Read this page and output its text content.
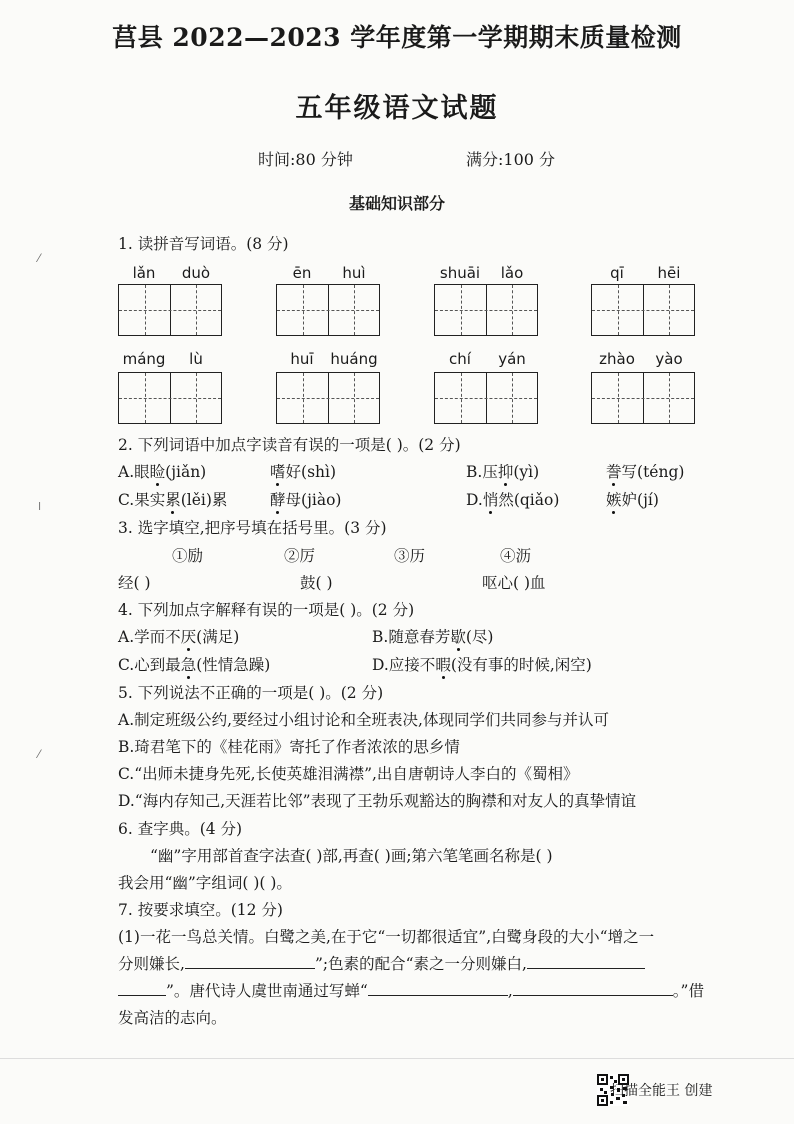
莒县 2022—2023 学年度第一学期期末质量检测
五年级语文试题
时间:80 分钟	满分:100 分
基础知识部分
⁄
ǀ
⁄
1. 读拼音写词语。(8 分)
lǎn	duò	ēn	huì	shuāi	lǎo	qī	hēi
máng	lù	huī	huáng	chí	yán	zhào	yào
2. 下列词语中加点字读音有误的一项是( )。(2 分)
A.眼睑(jiǎn)	嗜好(shì)	B.压抑(yì)	誊写(téng)
C.果实累(lěi)累	酵母(jiào)	D.悄然(qiǎo)	嫉妒(jí)
3. 选字填空,把序号填在括号里。(3 分)
①励	②厉	③历	④沥
经( )	鼓( )	呕心( )血
4. 下列加点字解释有误的一项是( )。(2 分)
A.学而不厌(满足)	B.随意春芳歇(尽)
C.心到最急(性情急躁)	D.应接不暇(没有事的时候,闲空)
5. 下列说法不正确的一项是( )。(2 分)
A.制定班级公约,要经过小组讨论和全班表决,体现同学们共同参与并认可
B.琦君笔下的《桂花雨》寄托了作者浓浓的思乡情
C.“出师未捷身先死,长使英雄泪满襟”,出自唐朝诗人李白的《蜀相》
D.“海内存知己,天涯若比邻”表现了王勃乐观豁达的胸襟和对友人的真挚情谊
6. 查字典。(4 分)
“幽”字用部首查字法查( )部,再查( )画;第六笔笔画名称是( )
我会用“幽”字组词( )( )。
7. 按要求填空。(12 分)
(1)一花一鸟总关情。白鹭之美,在于它“一切都很适宜”,白鹭身段的大小“增之一
分则嫌长,	”;色素的配合“素之一分则嫌白,
”。唐代诗人虞世南通过写蝉“	,	。”借
发高洁的志向。
扫描全能王 创建
